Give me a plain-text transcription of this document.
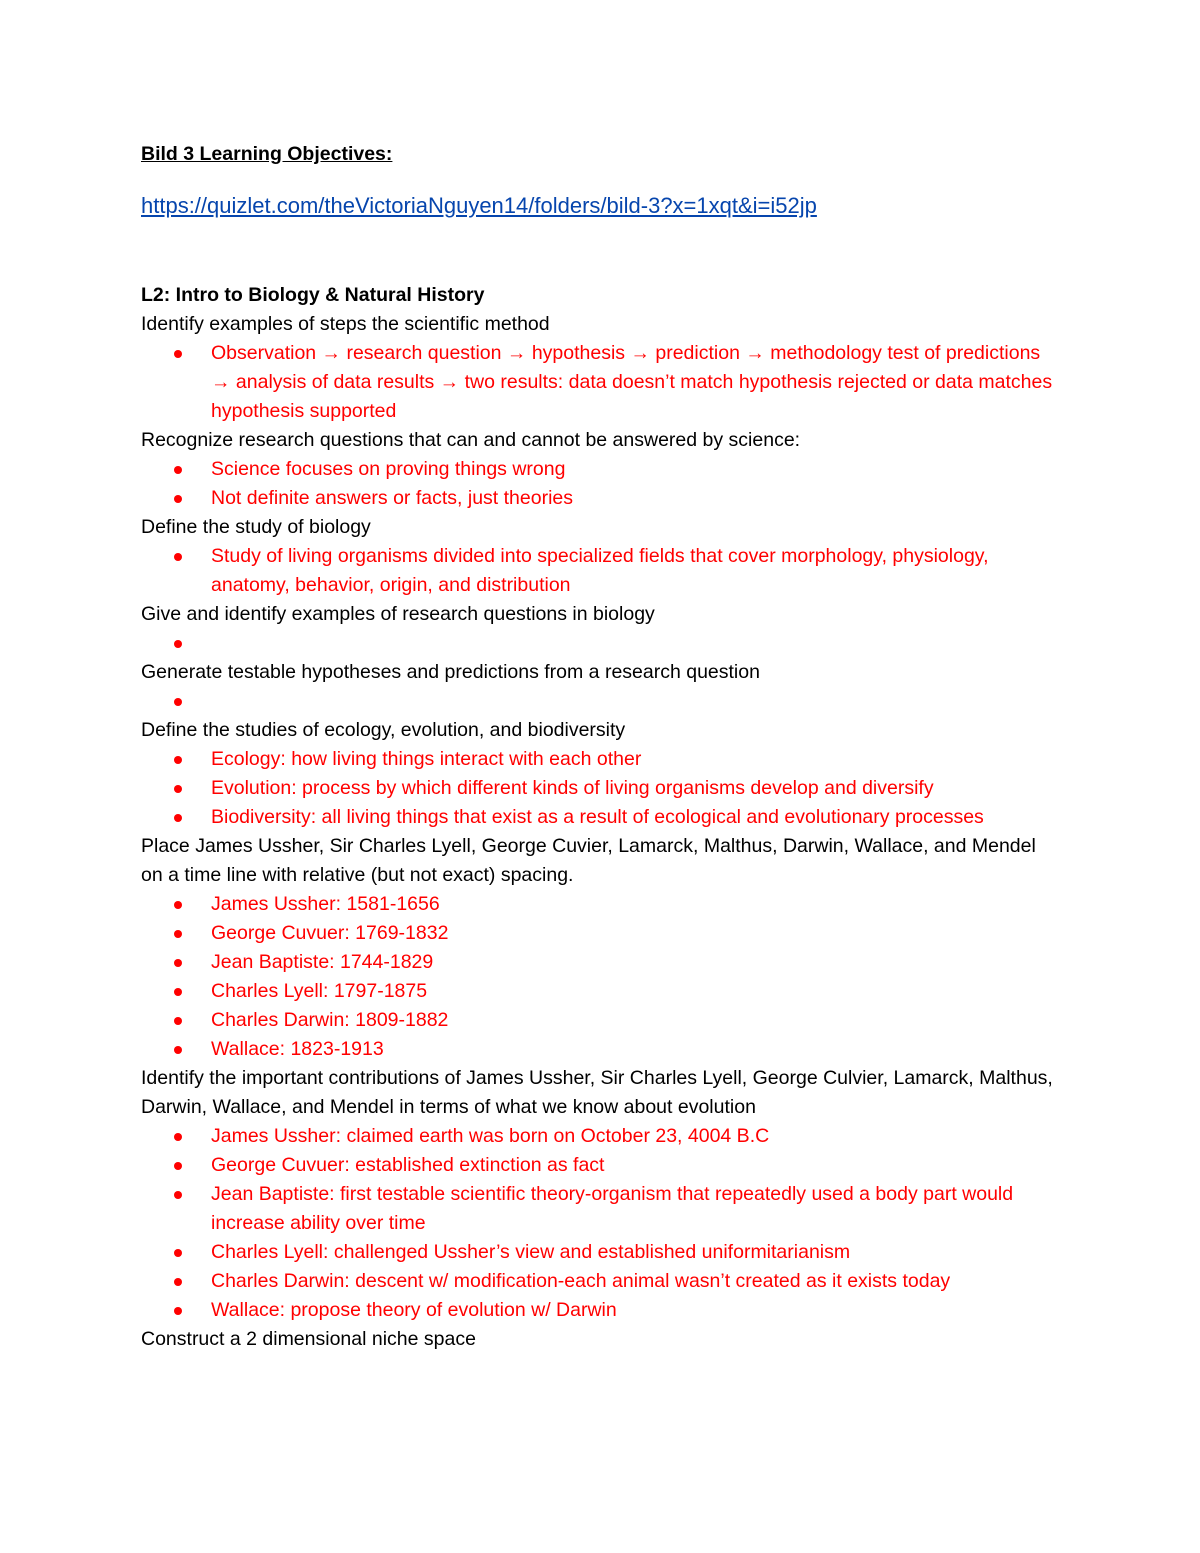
Bild 3 Learning Objectives:
https://quizlet.com/theVictoriaNguyen14/folders/bild-3?x=1xqt&i=i52jp
L2: Intro to Biology & Natural History
Identify examples of steps the scientific method
Observation → research question → hypothesis → prediction → methodology test of predictions → analysis of data results → two results: data doesn’t match hypothesis rejected or data matches hypothesis supported
Recognize research questions that can and cannot be answered by science:
Science focuses on proving things wrong
Not definite answers or facts, just theories
Define the study of biology
Study of living organisms divided into specialized fields that cover morphology, physiology, anatomy, behavior, origin, and distribution
Give and identify examples of research questions in biology
Generate testable hypotheses and predictions from a research question
Define the studies of ecology, evolution, and biodiversity
Ecology: how living things interact with each other
Evolution: process by which different kinds of living organisms develop and diversify
Biodiversity: all living things that exist as a result of ecological and evolutionary processes
Place James Ussher, Sir Charles Lyell, George Cuvier, Lamarck, Malthus, Darwin, Wallace, and Mendel on a time line with relative (but not exact) spacing.
James Ussher: 1581-1656
George Cuvuer: 1769-1832
Jean Baptiste: 1744-1829
Charles Lyell: 1797-1875
Charles Darwin: 1809-1882
Wallace: 1823-1913
Identify the important contributions of James Ussher, Sir Charles Lyell, George Culvier, Lamarck, Malthus, Darwin, Wallace, and Mendel in terms of what we know about evolution
James Ussher: claimed earth was born on October 23, 4004 B.C
George Cuvuer: established extinction as fact
Jean Baptiste: first testable scientific theory-organism that repeatedly used a body part would increase ability over time
Charles Lyell: challenged Ussher’s view and established uniformitarianism
Charles Darwin: descent w/ modification-each animal wasn’t created as it exists today
Wallace: propose theory of evolution w/ Darwin
Construct a 2 dimensional niche space
